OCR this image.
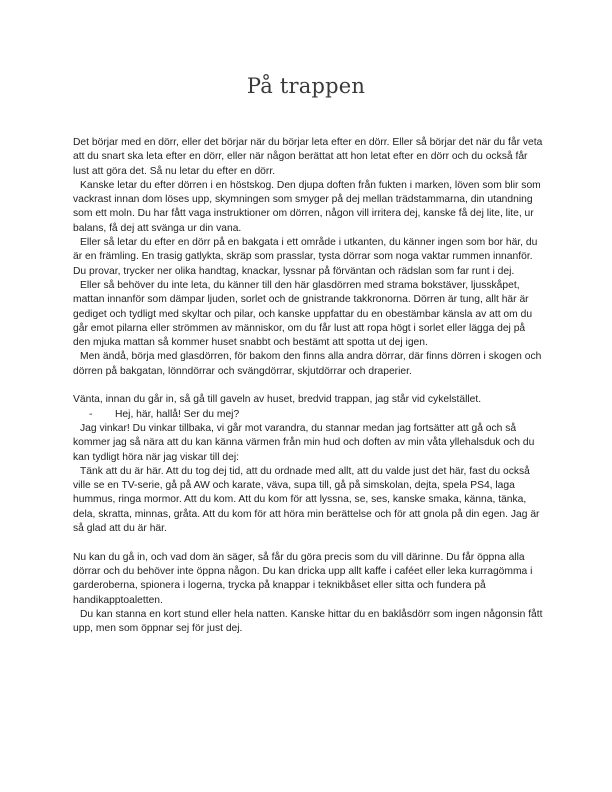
På trappen

Det börjar med en dörr, eller det börjar när du börjar leta efter en dörr. Eller så börjar det när du får veta att du snart ska leta efter en dörr, eller när någon berättat att hon letat efter en dörr och du också får lust att göra det. Så nu letar du efter en dörr.

Kanske letar du efter dörren i en höstskog. Den djupa doften från fukten i marken, löven som blir som vackrast innan dom löses upp, skymningen som smyger på dej mellan trädstammarna, din utandning som ett moln. Du har fått vaga instruktioner om dörren, någon vill irritera dej, kanske få dej lite, lite, ur balans, få dej att svänga ur din vana.

Eller så letar du efter en dörr på en bakgata i ett område i utkanten, du känner ingen som bor här, du är en främling. En trasig gatlykta, skräp som prasslar, tysta dörrar som noga vaktar rummen innanför. Du provar, trycker ner olika handtag, knackar, lyssnar på förväntan och rädslan som far runt i dej.

Eller så behöver du inte leta, du känner till den här glasdörren med strama bokstäver, ljusskåpet, mattan innanför som dämpar ljuden, sorlet och de gnistrande takkronorna. Dörren är tung, allt här är gediget och tydligt med skyltar och pilar, och kanske uppfattar du en obestämbar känsla av att om du går emot pilarna eller strömmen av människor, om du får lust att ropa högt i sorlet eller lägga dej på den mjuka mattan så kommer huset snabbt och bestämt att spotta ut dej igen.

Men ändå, börja med glasdörren, för bakom den finns alla andra dörrar, där finns dörren i skogen och dörren på bakgatan, lönndörrar och svängdörrar, skjutdörrar och draperier.

Vänta, innan du går in, så gå till gaveln av huset, bredvid trappan, jag står vid cykelstället.

- Hej, här, hallå! Ser du mej?

Jag vinkar! Du vinkar tillbaka, vi går mot varandra, du stannar medan jag fortsätter att gå och så kommer jag så nära att du kan känna värmen från min hud och doften av min våta yllehalsduk och du kan tydligt höra när jag viskar till dej:

Tänk att du är här. Att du tog dej tid, att du ordnade med allt, att du valde just det här, fast du också ville se en TV-serie, gå på AW och karate, väva, supa till, gå på simskolan, dejta, spela PS4, laga hummus, ringa mormor. Att du kom. Att du kom för att lyssna, se, ses, kanske smaka, känna, tänka, dela, skratta, minnas, gråta. Att du kom för att höra min berättelse och för att gnola på din egen. Jag är så glad att du är här.

Nu kan du gå in, och vad dom än säger, så får du göra precis som du vill därinne. Du får öppna alla dörrar och du behöver inte öppna någon. Du kan dricka upp allt kaffe i caféet eller leka kurragömma i garderoberna, spionera i logerna, trycka på knappar i teknikbåset eller sitta och fundera på handikapptoaletten.

Du kan stanna en kort stund eller hela natten. Kanske hittar du en baklåsdörr som ingen någonsin fått upp, men som öppnar sej för just dej.
